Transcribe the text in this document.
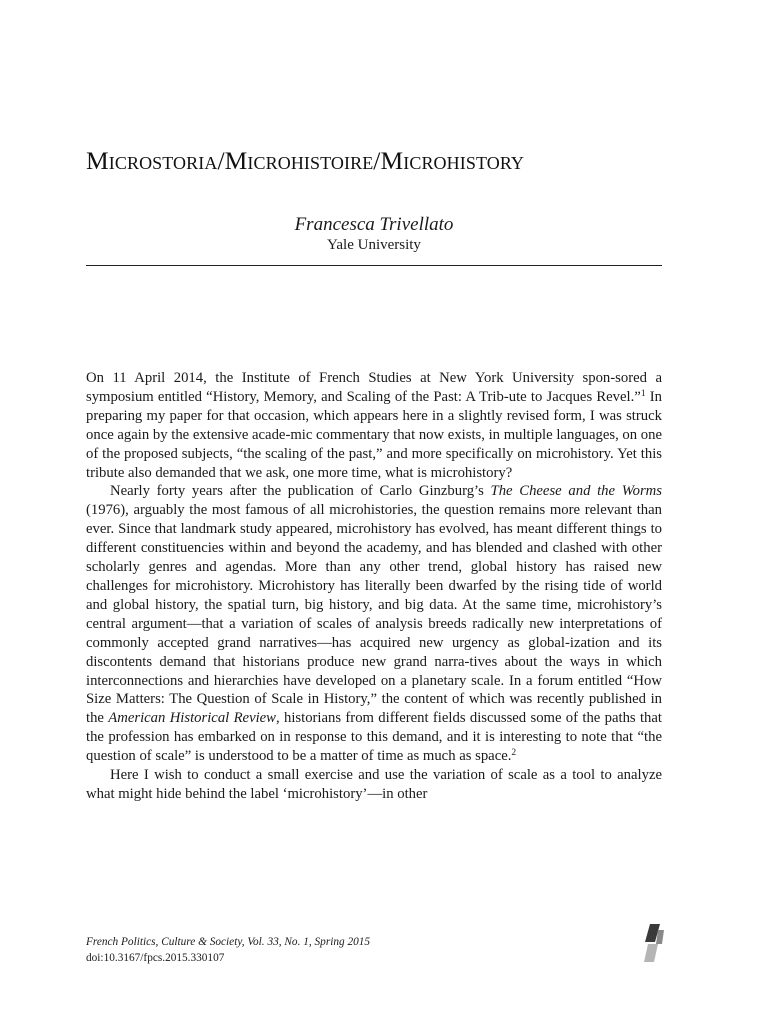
Microstoria/Microhistoire/Microhistory
Francesca Trivellato
Yale University

On 11 April 2014, the Institute of French Studies at New York University spon-sored a symposium entitled “History, Memory, and Scaling of the Past: A Trib-ute to Jacques Revel.”$^1$ In preparing my paper for that occasion, which appears here in a slightly revised form, I was struck once again by the extensive acade-mic commentary that now exists, in multiple languages, on one of the proposed subjects, “the scaling of the past,” and more specifically on microhistory. Yet this tribute also demanded that we ask, one more time, what is microhistory?

Nearly forty years after the publication of Carlo Ginzburg’s The Cheese and the Worms (1976), arguably the most famous of all microhistories, the question remains more relevant than ever. Since that landmark study appeared, microhistory has evolved, has meant different things to different constituencies within and beyond the academy, and has blended and clashed with other scholarly genres and agendas. More than any other trend, global history has raised new challenges for microhistory. Microhistory has literally been dwarfed by the rising tide of world and global history, the spatial turn, big history, and big data. At the same time, microhistory’s central argument—that a variation of scales of analysis breeds radically new interpretations of commonly accepted grand narratives—has acquired new urgency as global-ization and its discontents demand that historians produce new grand narra-tives about the ways in which interconnections and hierarchies have developed on a planetary scale. In a forum entitled “How Size Matters: The Question of Scale in History,” the content of which was recently published in the American Historical Review, historians from different fields discussed some of the paths that the profession has embarked on in response to this demand, and it is interesting to note that “the question of scale” is understood to be a matter of time as much as space.$^2$

Here I wish to conduct a small exercise and use the variation of scale as a tool to analyze what might hide behind the label ‘microhistory’—in other

French Politics, Culture & Society, Vol. 33, No. 1, Spring 2015
doi:10.3167/fpcs.2015.330107
